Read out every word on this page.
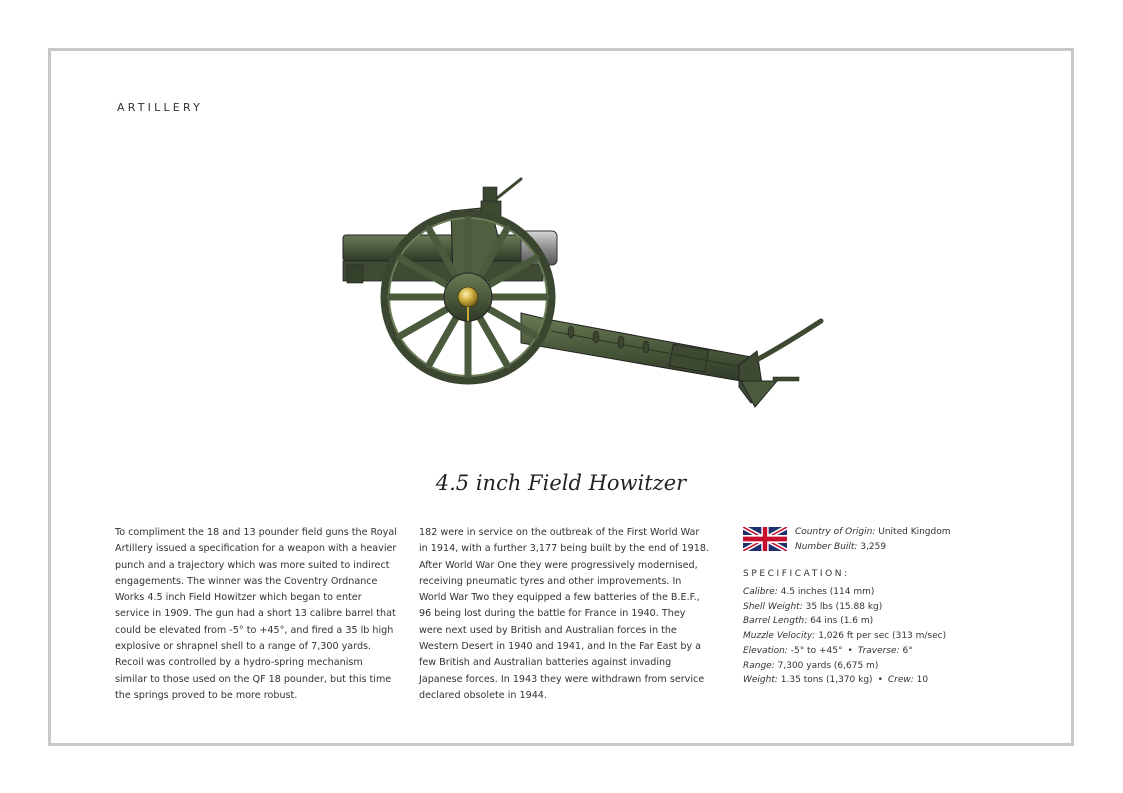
ARTILLERY
4.5 inch Field Howitzer
To compliment the 18 and 13 pounder field guns the Royal Artillery issued a specification for a weapon with a heavier punch and a trajectory which was more suited to indirect engagements. The winner was the Coventry Ordnance Works 4.5 inch Field Howitzer which began to enter service in 1909. The gun had a short 13 calibre barrel that could be elevated from -5° to +45°, and fired a 35 lb high explosive or shrapnel shell to a range of 7,300 yards. Recoil was controlled by a hydro-spring mechanism similar to those used on the QF 18 pounder, but this time the springs proved to be more robust.
182 were in service on the outbreak of the First World War in 1914, with a further 3,177 being built by the end of 1918. After World War One they were progressively modernised, receiving pneumatic tyres and other improvements. In World War Two they equipped a few batteries of the B.E.F., 96 being lost during the battle for France in 1940. They were next used by British and Australian forces in the Western Desert in 1940 and 1941, and In the Far East by a few British and Australian batteries against invading Japanese forces. In 1943 they were withdrawn from service declared obsolete in 1944.
Country of Origin: United Kingdom
Number Built: 3,259
SPECIFICATION:
Calibre: 4.5 inches (114 mm)
Shell Weight: 35 lbs (15.88 kg)
Barrel Length: 64 ins (1.6 m)
Muzzle Velocity: 1,026 ft per sec (313 m/sec)
Elevation: -5° to +45° • Traverse: 6°
Range: 7,300 yards (6,675 m)
Weight: 1.35 tons (1,370 kg) • Crew: 10
